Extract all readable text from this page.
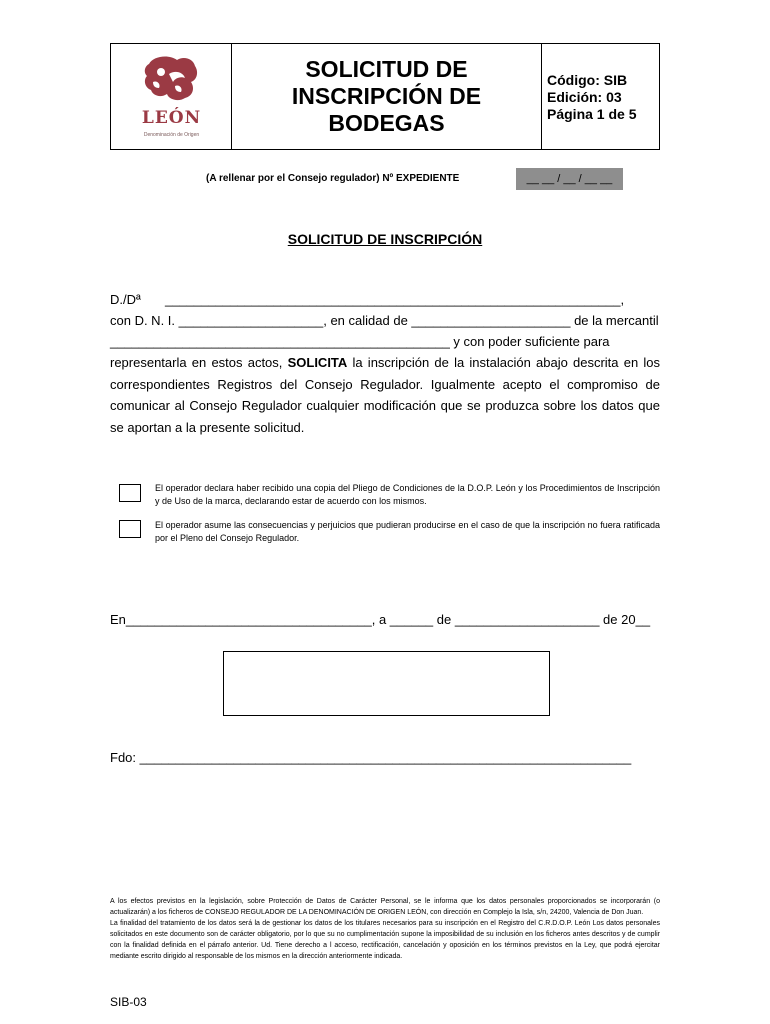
LEÓN
Denominación de Origen
SOLICITUD DE
INSCRIPCIÓN DE
BODEGAS
Código: SIB
Edición: 03
Página 1 de 5
(A rellenar por el Consejo regulador) Nº EXPEDIENTE	__ __ / __ / __ __
SOLICITUD DE INSCRIPCIÓN
D./Dª _______________________________________________________________,
con D. N. I. ____________________, en calidad de ______________________ de la mercantil
_______________________________________________ y con poder suficiente para
representarla en estos actos, SOLICITA la inscripción de la instalación abajo descrita en los correspondientes Registros del Consejo Regulador. Igualmente acepto el compromiso de comunicar al Consejo Regulador cualquier modificación que se produzca sobre los datos que se aportan a la presente solicitud.
El operador declara haber recibido una copia del Pliego de Condiciones de la D.O.P. León y los Procedimientos de Inscripción y de Uso de la marca, declarando estar de acuerdo con los mismos.
El operador asume las consecuencias y perjuicios que pudieran producirse en el caso de que la inscripción no fuera ratificada por el Pleno del Consejo Regulador.
En__________________________________, a ______ de ____________________ de 20__
Fdo: ____________________________________________________________________
A los efectos previstos en la legislación, sobre Protección de Datos de Carácter Personal, se le informa que los datos personales proporcionados se incorporarán (o actualizarán) a los ficheros de CONSEJO REGULADOR DE LA DENOMINACIÓN DE ORIGEN LEÓN, con dirección en Complejo la Isla, s/n, 24200, Valencia de Don Juan.
La finalidad del tratamiento de los datos será la de gestionar los datos de los titulares necesarios para su inscripción en el Registro del C.R.D.O.P. León Los datos personales solicitados en este documento son de carácter obligatorio, por lo que su no cumplimentación supone la imposibilidad de su inclusión en los ficheros antes descritos y de cumplir con la finalidad definida en el párrafo anterior. Ud. Tiene derecho a l acceso, rectificación, cancelación y oposición en los términos previstos en la Ley, que podrá ejercitar mediante escrito dirigido al responsable de los mismos en la dirección anteriormente indicada.
SIB-03
